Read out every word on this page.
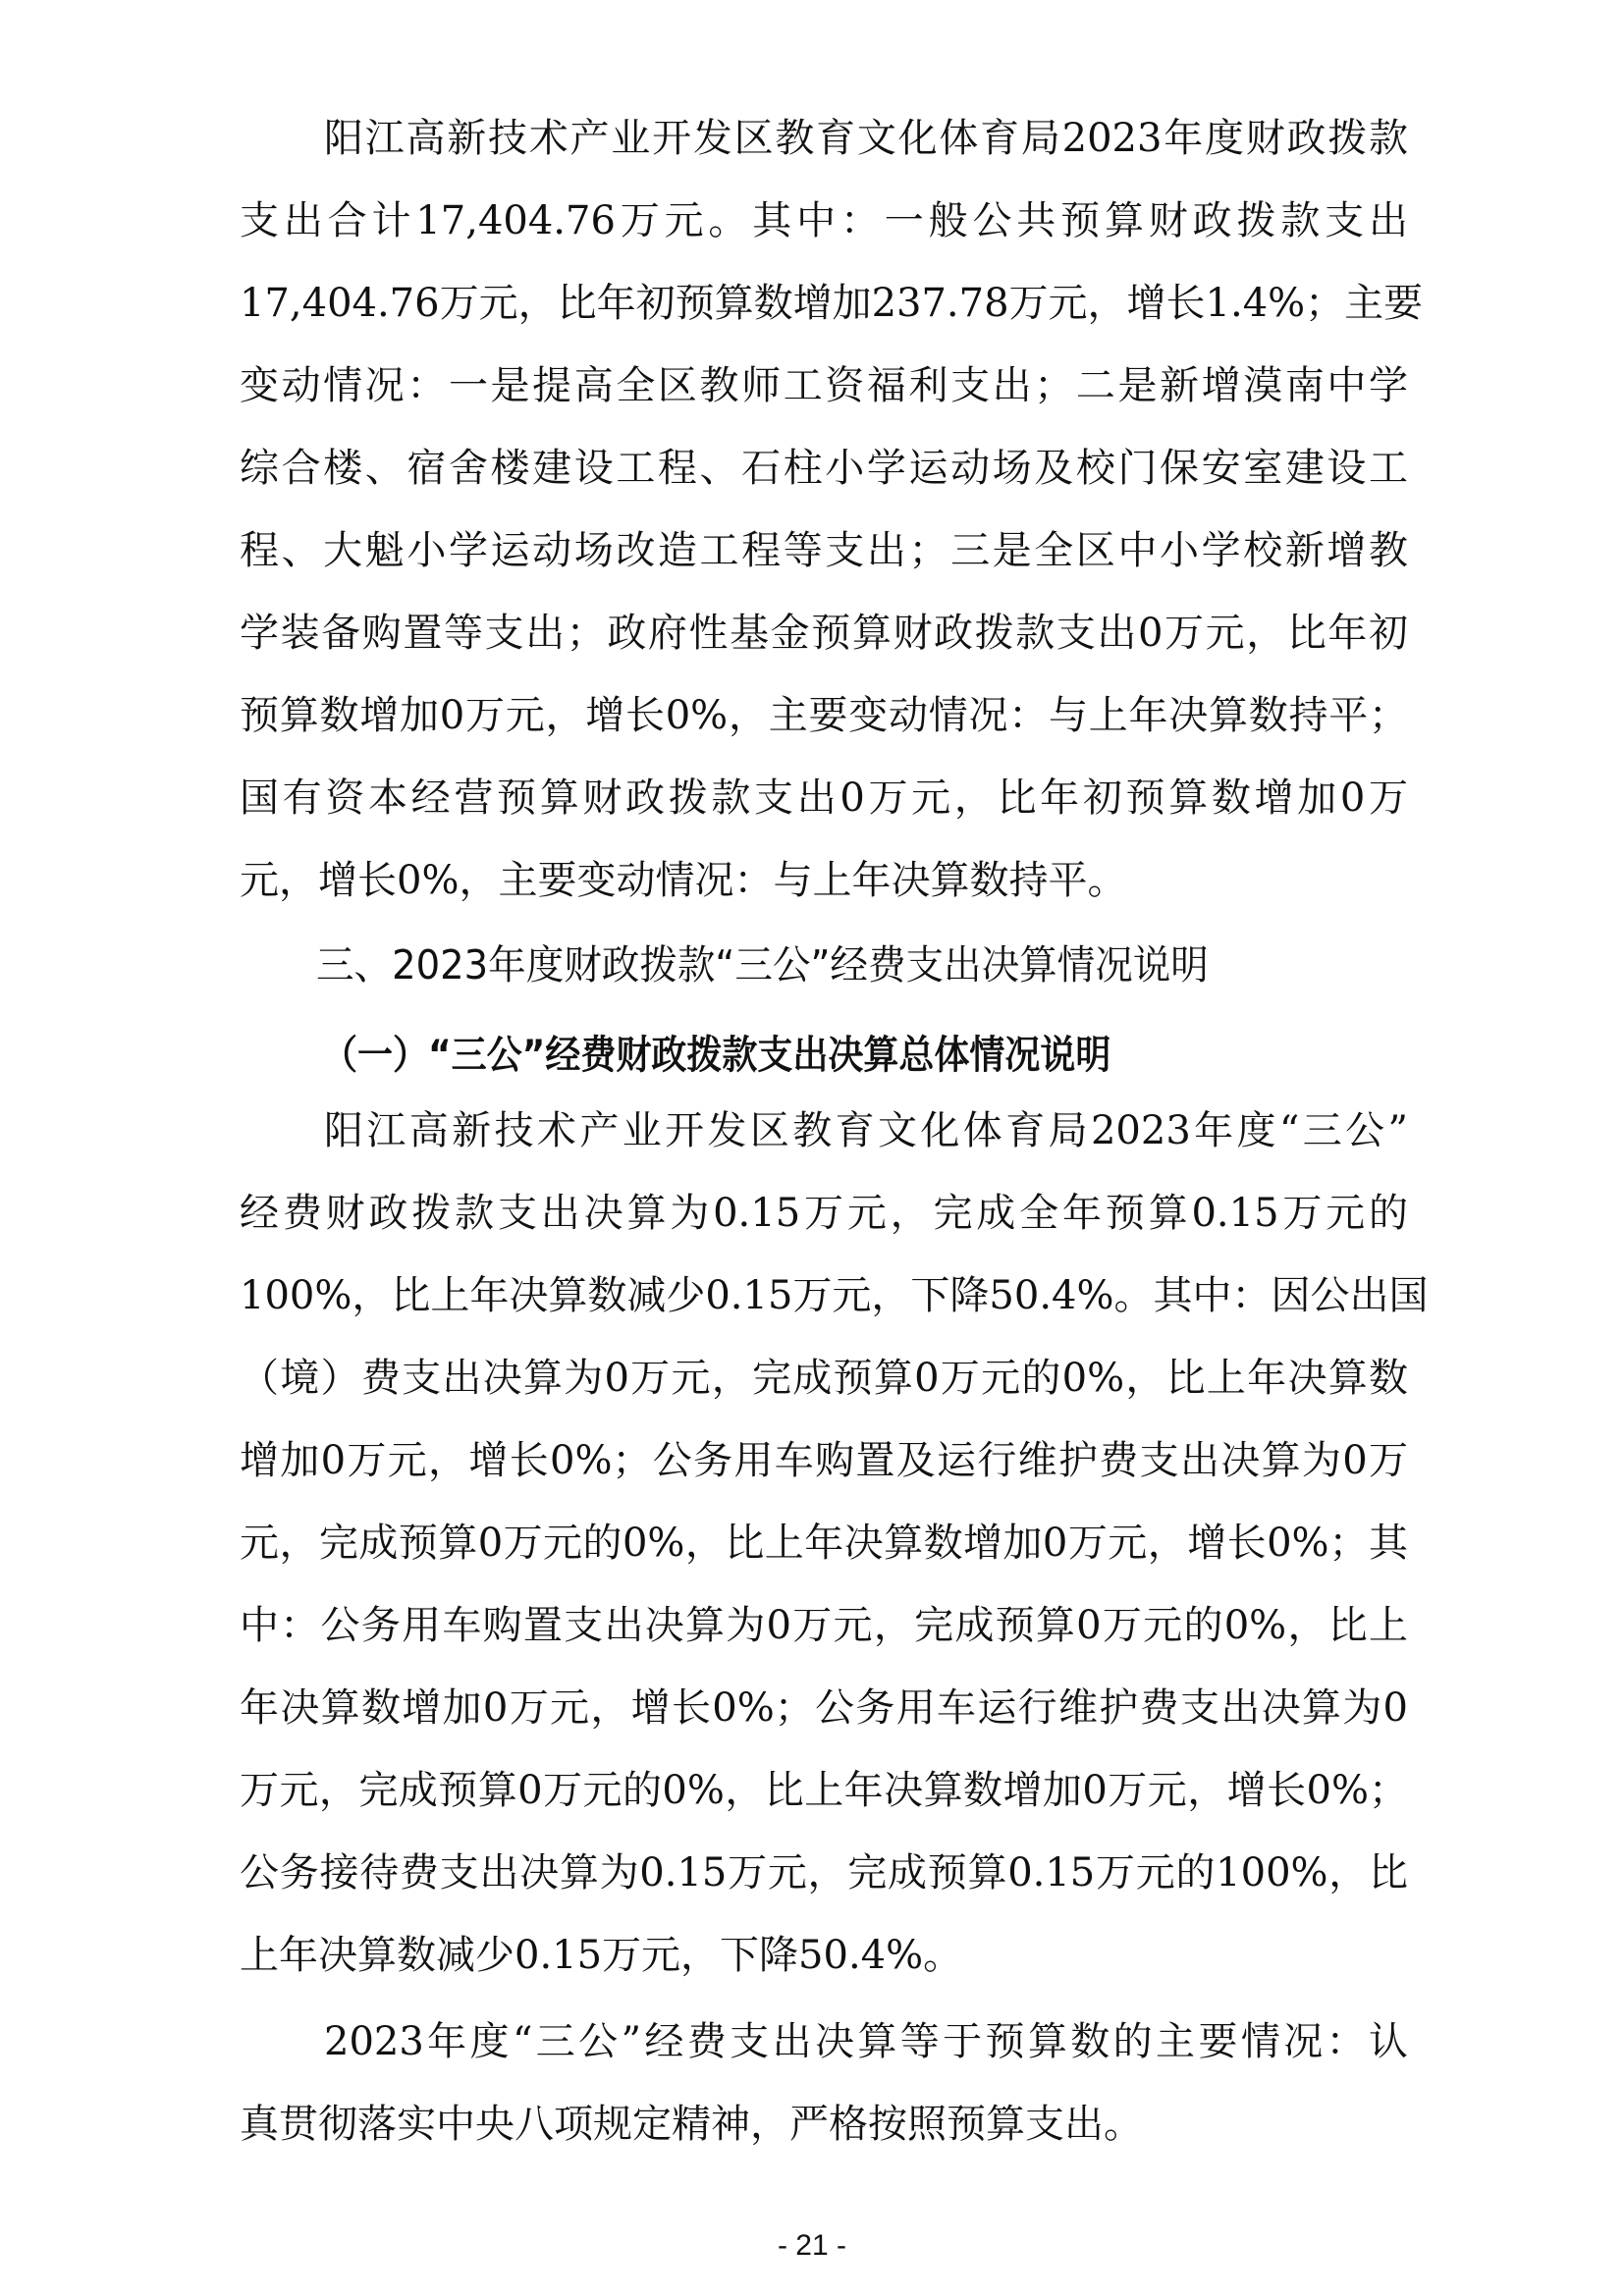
阳江高新技术产业开发区教育文化体育局2023年度财政拨款
支出合计17,404.76万元。其中：一般公共预算财政拨款支出
17,404.76万元，比年初预算数增加237.78万元，增长1.4%；主要
变动情况：一是提高全区教师工资福利支出；二是新增漠南中学
综合楼、宿舍楼建设工程、石柱小学运动场及校门保安室建设工
程、大魁小学运动场改造工程等支出；三是全区中小学校新增教
学装备购置等支出；政府性基金预算财政拨款支出0万元，比年初
预算数增加0万元，增长0%，主要变动情况：与上年决算数持平；
国有资本经营预算财政拨款支出0万元，比年初预算数增加0万
元，增长0%，主要变动情况：与上年决算数持平。
三、2023年度财政拨款“三公”经费支出决算情况说明
（一）“三公”经费财政拨款支出决算总体情况说明
阳江高新技术产业开发区教育文化体育局2023年度“三公”
经费财政拨款支出决算为0.15万元，完成全年预算0.15万元的
100%，比上年决算数减少0.15万元，下降50.4%。其中：因公出国
（境）费支出决算为0万元，完成预算0万元的0%，比上年决算数
增加0万元，增长0%；公务用车购置及运行维护费支出决算为0万
元，完成预算0万元的0%，比上年决算数增加0万元，增长0%；其
中：公务用车购置支出决算为0万元，完成预算0万元的0%，比上
年决算数增加0万元，增长0%；公务用车运行维护费支出决算为0
万元，完成预算0万元的0%，比上年决算数增加0万元，增长0%；
公务接待费支出决算为0.15万元，完成预算0.15万元的100%，比
上年决算数减少0.15万元，下降50.4%。
2023年度“三公”经费支出决算等于预算数的主要情况：认
真贯彻落实中央八项规定精神，严格按照预算支出。
- 21 -
